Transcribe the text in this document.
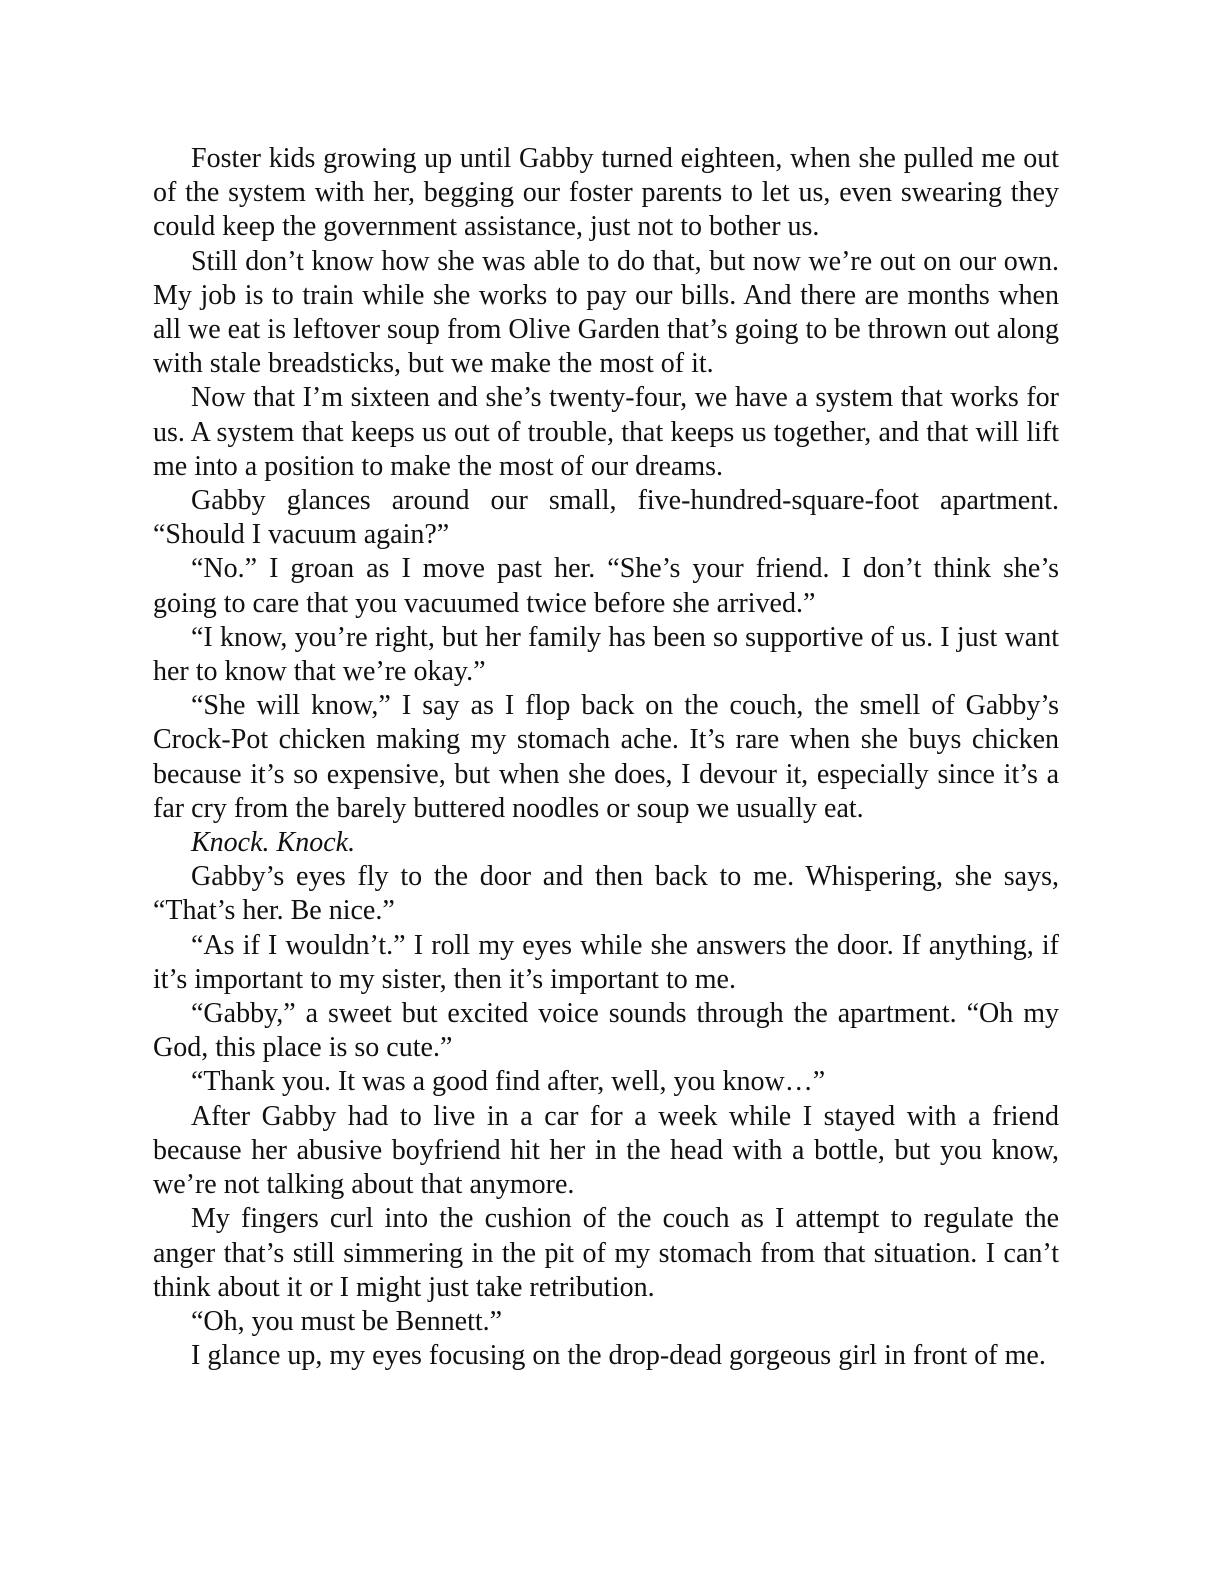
Foster kids growing up until Gabby turned eighteen, when she pulled me out of the system with her, begging our foster parents to let us, even swearing they could keep the government assistance, just not to bother us.

Still don’t know how she was able to do that, but now we’re out on our own. My job is to train while she works to pay our bills. And there are months when all we eat is leftover soup from Olive Garden that’s going to be thrown out along with stale breadsticks, but we make the most of it.

Now that I’m sixteen and she’s twenty-four, we have a system that works for us. A system that keeps us out of trouble, that keeps us together, and that will lift me into a position to make the most of our dreams.

Gabby glances around our small, five-hundred-square-foot apartment. “Should I vacuum again?”

“No.” I groan as I move past her. “She’s your friend. I don’t think she’s going to care that you vacuumed twice before she arrived.”

“I know, you’re right, but her family has been so supportive of us. I just want her to know that we’re okay.”

“She will know,” I say as I flop back on the couch, the smell of Gabby’s Crock-Pot chicken making my stomach ache. It’s rare when she buys chicken because it’s so expensive, but when she does, I devour it, especially since it’s a far cry from the barely buttered noodles or soup we usually eat.

Knock. Knock.

Gabby’s eyes fly to the door and then back to me. Whispering, she says, “That’s her. Be nice.”

“As if I wouldn’t.” I roll my eyes while she answers the door. If anything, if it’s important to my sister, then it’s important to me.

“Gabby,” a sweet but excited voice sounds through the apartment. “Oh my God, this place is so cute.”

“Thank you. It was a good find after, well, you know…”

After Gabby had to live in a car for a week while I stayed with a friend because her abusive boyfriend hit her in the head with a bottle, but you know, we’re not talking about that anymore.

My fingers curl into the cushion of the couch as I attempt to regulate the anger that’s still simmering in the pit of my stomach from that situation. I can’t think about it or I might just take retribution.

“Oh, you must be Bennett.”

I glance up, my eyes focusing on the drop-dead gorgeous girl in front of me.
